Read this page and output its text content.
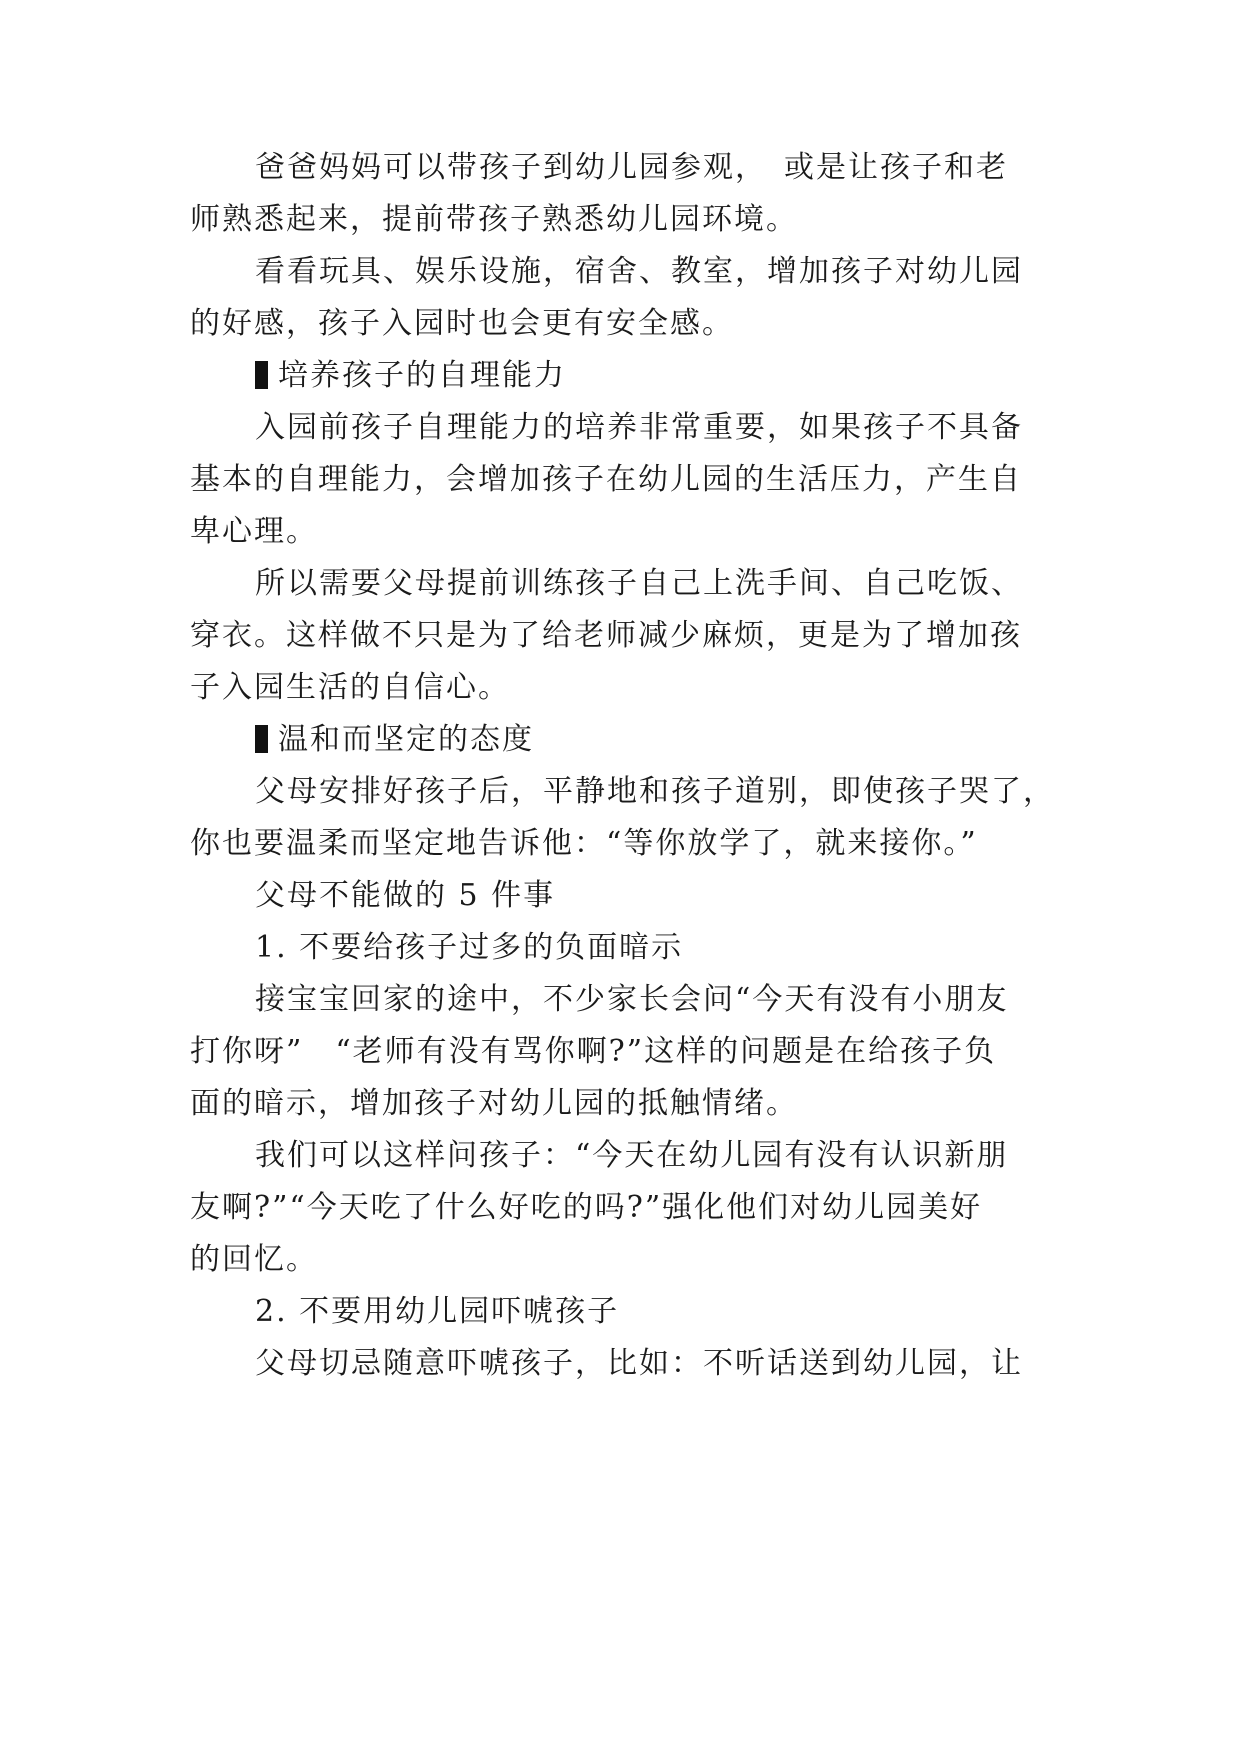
爸爸妈妈可以带孩子到幼儿园参观，　或是让孩子和老
师熟悉起来，提前带孩子熟悉幼儿园环境。
看看玩具、娱乐设施，宿舍、教室，增加孩子对幼儿园
的好感，孩子入园时也会更有安全感。
培养孩子的自理能力
入园前孩子自理能力的培养非常重要，如果孩子不具备
基本的自理能力，会增加孩子在幼儿园的生活压力，产生自
卑心理。
所以需要父母提前训练孩子自己上洗手间、自己吃饭、
穿衣。这样做不只是为了给老师减少麻烦，更是为了增加孩
子入园生活的自信心。
温和而坚定的态度
父母安排好孩子后，平静地和孩子道别，即使孩子哭了，
你也要温柔而坚定地告诉他：“等你放学了，就来接你。”
父母不能做的 5 件事
1. 不要给孩子过多的负面暗示
接宝宝回家的途中，不少家长会问“今天有没有小朋友
打你呀”　“老师有没有骂你啊?”这样的问题是在给孩子负
面的暗示，增加孩子对幼儿园的抵触情绪。
我们可以这样问孩子：“今天在幼儿园有没有认识新朋
友啊?”“今天吃了什么好吃的吗?”强化他们对幼儿园美好
的回忆。
2. 不要用幼儿园吓唬孩子
父母切忌随意吓唬孩子，比如：不听话送到幼儿园，让
